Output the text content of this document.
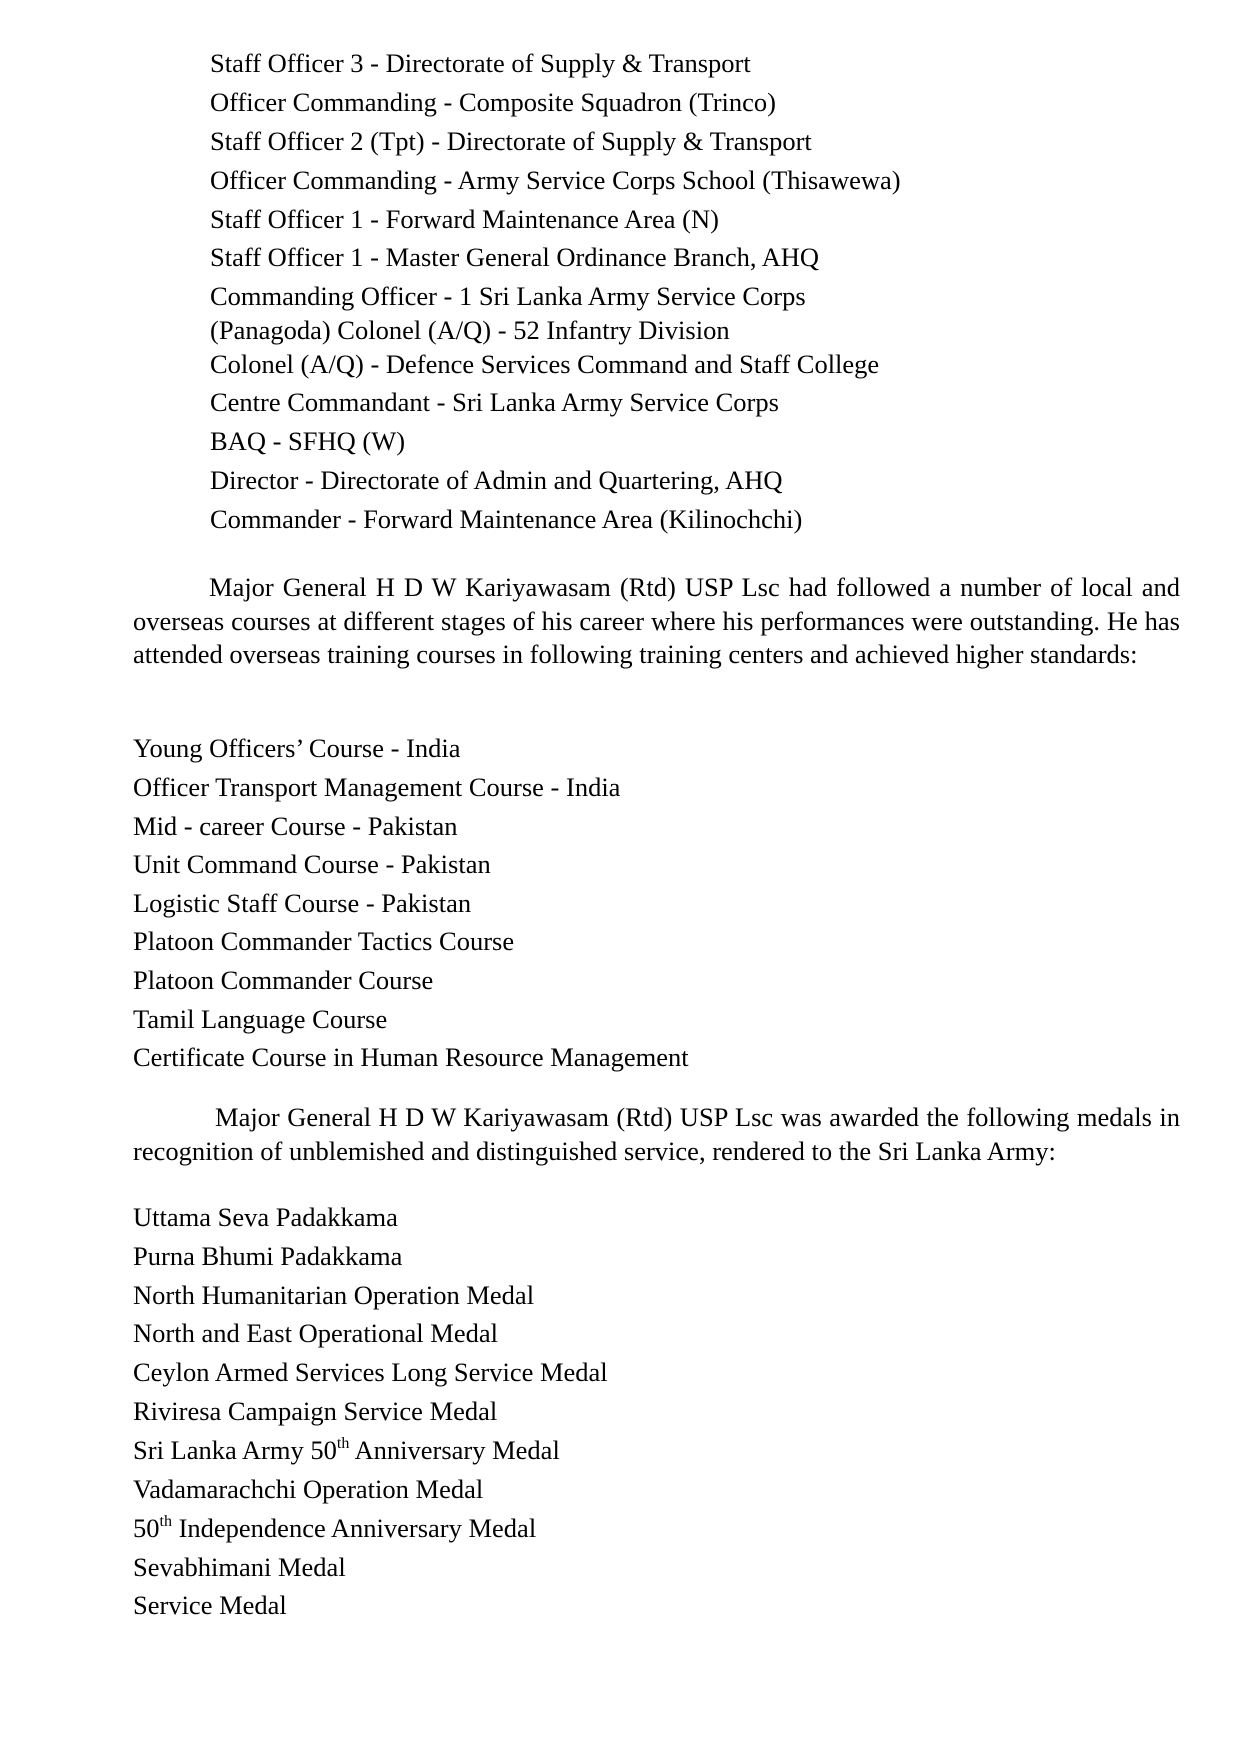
Staff Officer 3 - Directorate of Supply & Transport
Officer Commanding - Composite Squadron (Trinco)
Staff Officer 2 (Tpt) - Directorate of Supply & Transport
Officer Commanding - Army Service Corps School (Thisawewa)
Staff Officer 1 - Forward Maintenance Area (N)
Staff Officer 1 - Master General Ordinance Branch, AHQ
Commanding Officer - 1 Sri Lanka Army Service Corps
(Panagoda) Colonel (A/Q) - 52 Infantry Division
Colonel (A/Q) - Defence Services Command and Staff College
Centre Commandant - Sri Lanka Army Service Corps
BAQ - SFHQ (W)
Director - Directorate of Admin and Quartering, AHQ
Commander - Forward Maintenance Area (Kilinochchi)
Major General H D W Kariyawasam (Rtd) USP Lsc had followed a number of local and overseas courses at different stages of his career where his performances were outstanding. He has attended overseas training courses in following training centers and achieved higher standards:
Young Officers’ Course - India
Officer Transport Management Course - India
Mid - career Course - Pakistan
Unit Command Course - Pakistan
Logistic Staff Course - Pakistan
Platoon Commander Tactics Course
Platoon Commander Course
Tamil Language Course
Certificate Course in Human Resource Management
Major General H D W Kariyawasam (Rtd) USP Lsc was awarded the following medals in recognition of unblemished and distinguished service, rendered to the Sri Lanka Army:
Uttama Seva Padakkama
Purna Bhumi Padakkama
North Humanitarian Operation Medal
North and East Operational Medal
Ceylon Armed Services Long Service Medal
Riviresa Campaign Service Medal
Sri Lanka Army 50th Anniversary Medal
Vadamarachchi Operation Medal
50th Independence Anniversary Medal
Sevabhimani Medal
Service Medal
